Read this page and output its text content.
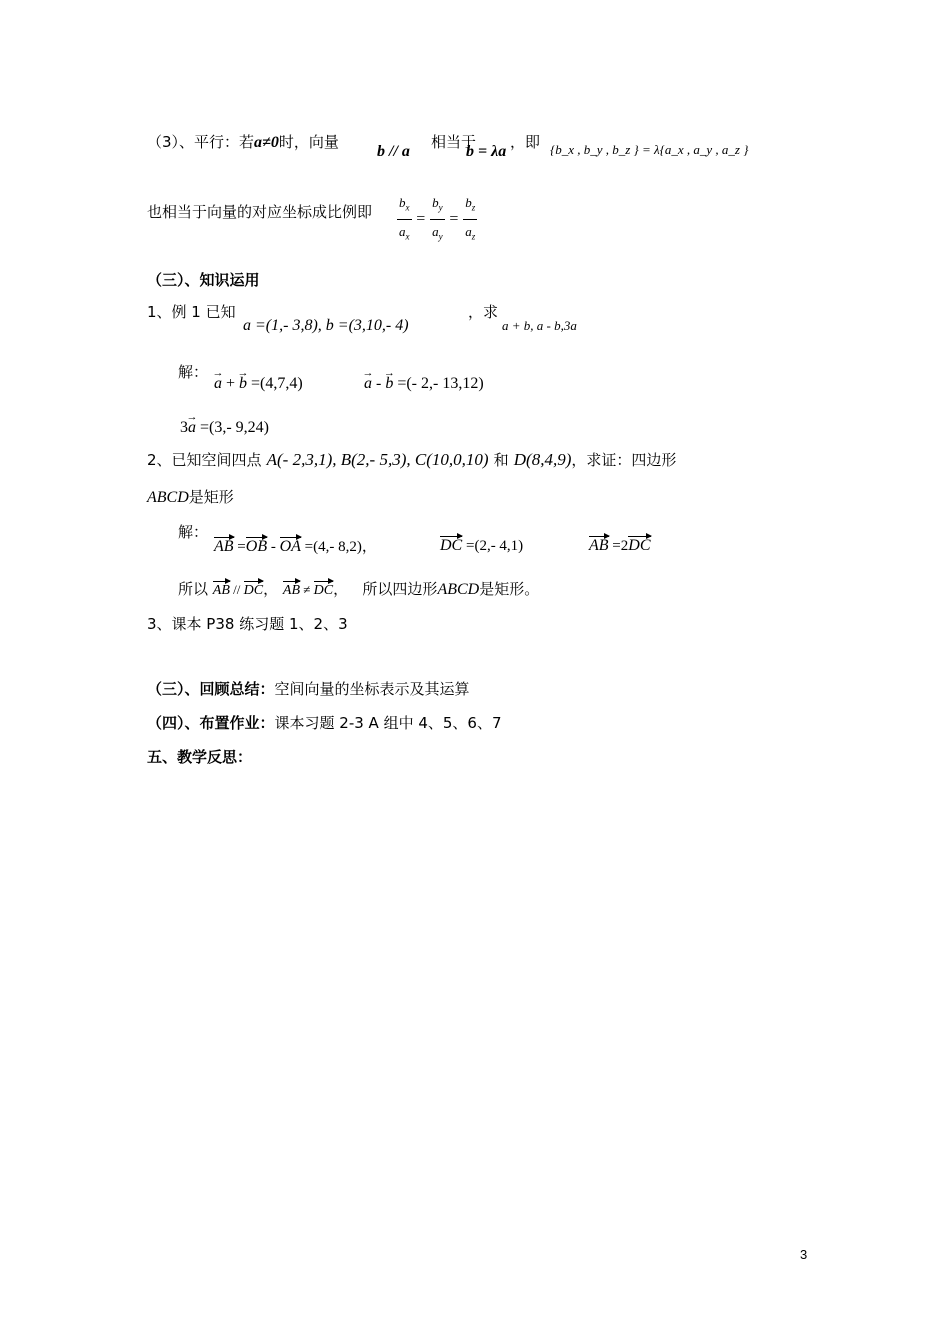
（3）、平行：若a≠0时，向量
b // a
相当于
b = λa
，即 {b_x , b_y , b_z } = λ{a_x , a_y , a_z }
也相当于向量的对应坐标成比例即 $\frac{b_x}{a_x} = \frac{b_y}{a_y} = \frac{b_z}{a_z}$
（三）、知识运用
1、例 1 已知
a =(1,- 3,8), b =(3,10,- 4)
，求
a + b, a - b,3a
解：
→ a + → b =(4,7,4)
→	a - → b =(- 2,- 13,12)
3→ a =(3,- 9,24)
2、已知空间四点 A(- 2,3,1), B(2,- 5,3), C(10,0,10) 和 D(8,4,9)，求证：四边形
ABCD是矩形
解：
AB =OB - OA =(4,- 8,2)，	DC =(2,- 4,1)	AB =2DC
所以 AB // DC， AB ≠ DC， 所以四边形ABCD是矩形。
3、课本 P38 练习题 1、2、3
（三）、回顾总结：空间向量的坐标表示及其运算
（四）、布置作业：课本习题 2-3 A 组中 4、5、6、7
五、教学反思：
3
